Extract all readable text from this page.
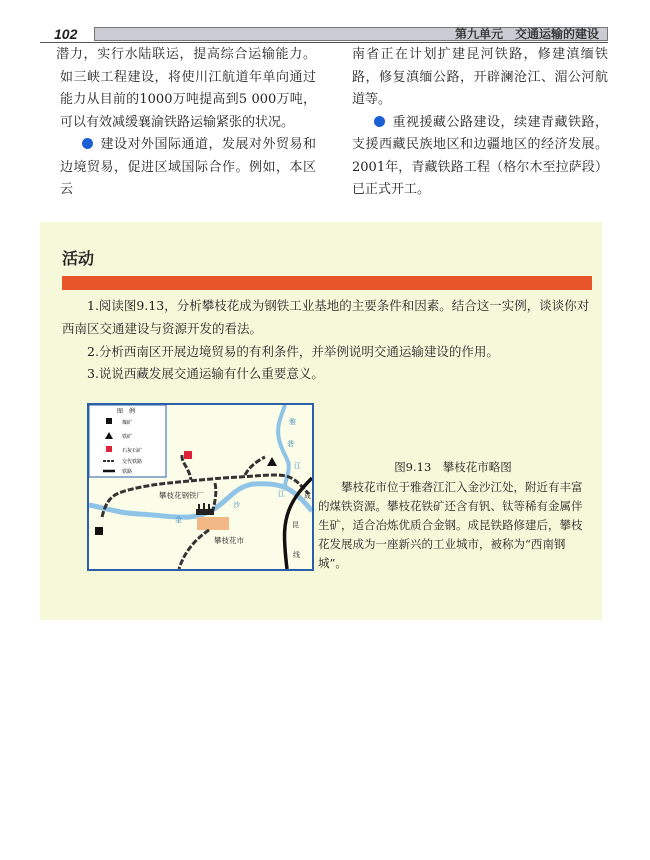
102	第九单元　交通运输的建设

潜力，实行水陆联运，提高综合运输能力。如三峡工程建设，将使川江航道年单向通过能力从目前的1000万吨提高到5 000万吨，可以有效减缓襄渝铁路运输紧张的状况。

建设对外国际通道，发展对外贸易和边境贸易，促进区域国际合作。例如，本区云

南省正在计划扩建昆河铁路，修建滇缅铁路，修复滇缅公路，开辟澜沧江、湄公河航道等。

重视援藏公路建设，续建青藏铁路，支援西藏民族地区和边疆地区的经济发展。2001年，青藏铁路工程（格尔木至拉萨段）已正式开工。

活动
1.阅读图9.13，分析攀枝花成为钢铁工业基地的主要条件和因素。结合这一实例，谈谈你对西南区交通建设与资源开发的看法。
2.分析西南区开展边境贸易的有利条件，并举例说明交通运输建设的作用。
3.说说西藏发展交通运输有什么重要意义。
攀枝花钢铁厂
攀枝花市
雅
砻
江
金
沙
江	成
昆
线
图　例
煤矿
铁矿
石灰石矿
交代铁路
铁路	图9.13　攀枝花市略图

攀枝花市位于雅砻江汇入金沙江处，附近有丰富的煤铁资源。攀枝花铁矿还含有钒、钛等稀有金属伴生矿，适合冶炼优质合金钢。成昆铁路修建后，攀枝花发展成为一座新兴的工业城市，被称为“西南钢城”。
